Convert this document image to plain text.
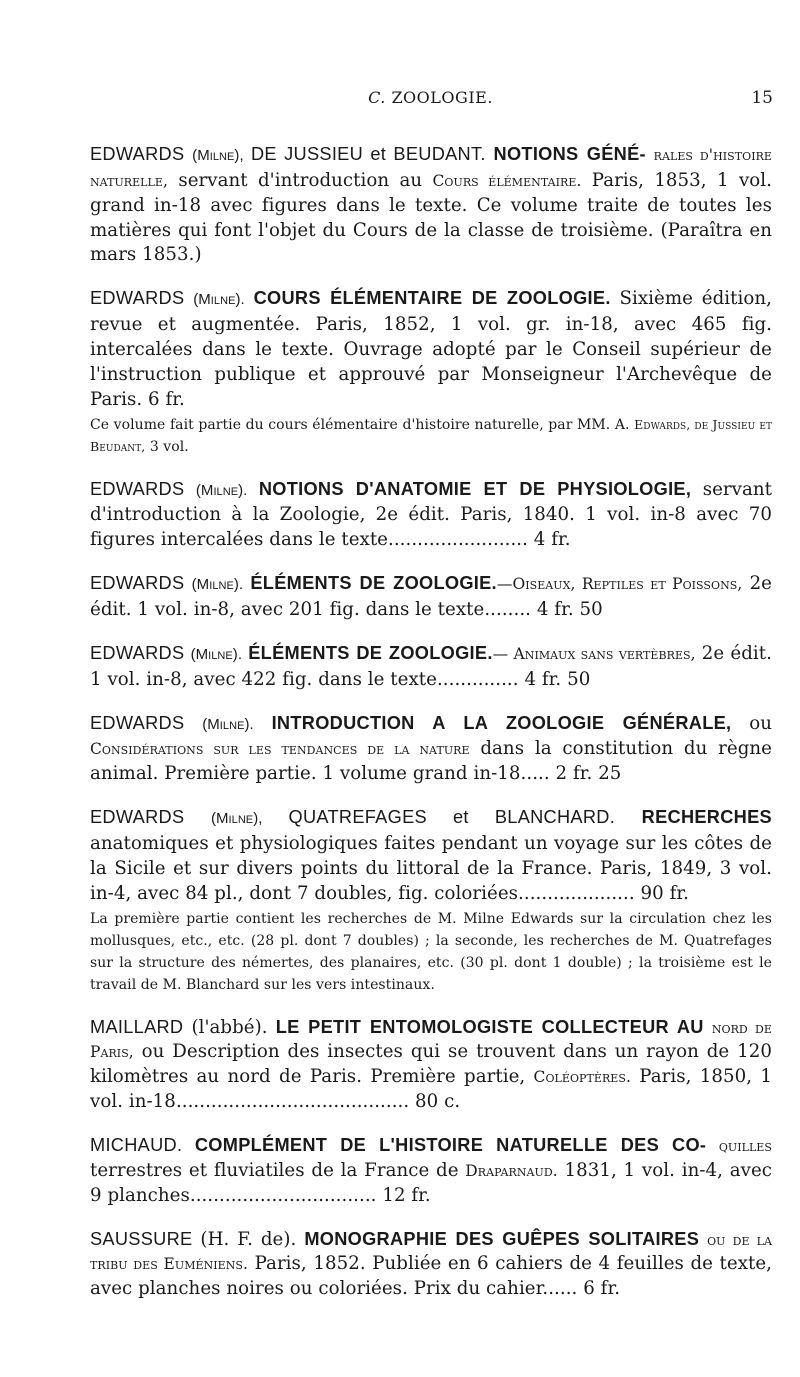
C. ZOOLOGIE.	15

EDWARDS (Milne), DE JUSSIEU et BEUDANT. NOTIONS GÉNÉ- rales d'histoire naturelle, servant d'introduction au Cours élémentaire. Paris, 1853, 1 vol. grand in-18 avec figures dans le texte. Ce volume traite de toutes les matières qui font l'objet du Cours de la classe de troisième. (Paraîtra en mars 1853.)

EDWARDS (Milne). COURS ÉLÉMENTAIRE DE ZOOLOGIE. Sixième édition, revue et augmentée. Paris, 1852, 1 vol. gr. in-18, avec 465 fig. intercalées dans le texte. Ouvrage adopté par le Conseil supérieur de l'instruction publique et approuvé par Monseigneur l'Archevêque de Paris. 6 fr.
Ce volume fait partie du cours élémentaire d'histoire naturelle, par MM. A. Edwards, de Jussieu et Beudant, 3 vol.

EDWARDS (Milne). NOTIONS D'ANATOMIE ET DE PHYSIOLOGIE, servant d'introduction à la Zoologie, 2e édit. Paris, 1840. 1 vol. in-8 avec 70 figures intercalées dans le texte........................ 4 fr.

EDWARDS (Milne). ÉLÉMENTS DE ZOOLOGIE.—Oiseaux, Reptiles et Poissons, 2e édit. 1 vol. in-8, avec 201 fig. dans le texte........ 4 fr. 50

EDWARDS (Milne). ÉLÉMENTS DE ZOOLOGIE.— Animaux sans vertèbres, 2e édit. 1 vol. in-8, avec 422 fig. dans le texte.............. 4 fr. 50

EDWARDS (Milne). INTRODUCTION A LA ZOOLOGIE GÉNÉRALE, ou Considérations sur les tendances de la nature dans la constitution du règne animal. Première partie. 1 volume grand in-18..... 2 fr. 25

EDWARDS (Milne), QUATREFAGES et BLANCHARD. RECHERCHES anatomiques et physiologiques faites pendant un voyage sur les côtes de la Sicile et sur divers points du littoral de la France. Paris, 1849, 3 vol. in-4, avec 84 pl., dont 7 doubles, fig. coloriées.................... 90 fr.
La première partie contient les recherches de M. Milne Edwards sur la circulation chez les mollusques, etc., etc. (28 pl. dont 7 doubles) ; la seconde, les recherches de M. Quatrefages sur la structure des némertes, des planaires, etc. (30 pl. dont 1 double) ; la troisième est le travail de M. Blanchard sur les vers intestinaux.

MAILLARD (l'abbé). LE PETIT ENTOMOLOGISTE COLLECTEUR AU nord de Paris, ou Description des insectes qui se trouvent dans un rayon de 120 kilomètres au nord de Paris. Première partie, Coléoptères. Paris, 1850, 1 vol. in-18........................................ 80 c.

MICHAUD. COMPLÉMENT DE L'HISTOIRE NATURELLE DES CO- quilles terrestres et fluviatiles de la France de Draparnaud. 1831, 1 vol. in-4, avec 9 planches................................ 12 fr.

SAUSSURE (H. F. de). MONOGRAPHIE DES GUÊPES SOLITAIRES ou de la tribu des Euméniens. Paris, 1852. Publiée en 6 cahiers de 4 feuilles de texte, avec planches noires ou coloriées. Prix du cahier...... 6 fr.
